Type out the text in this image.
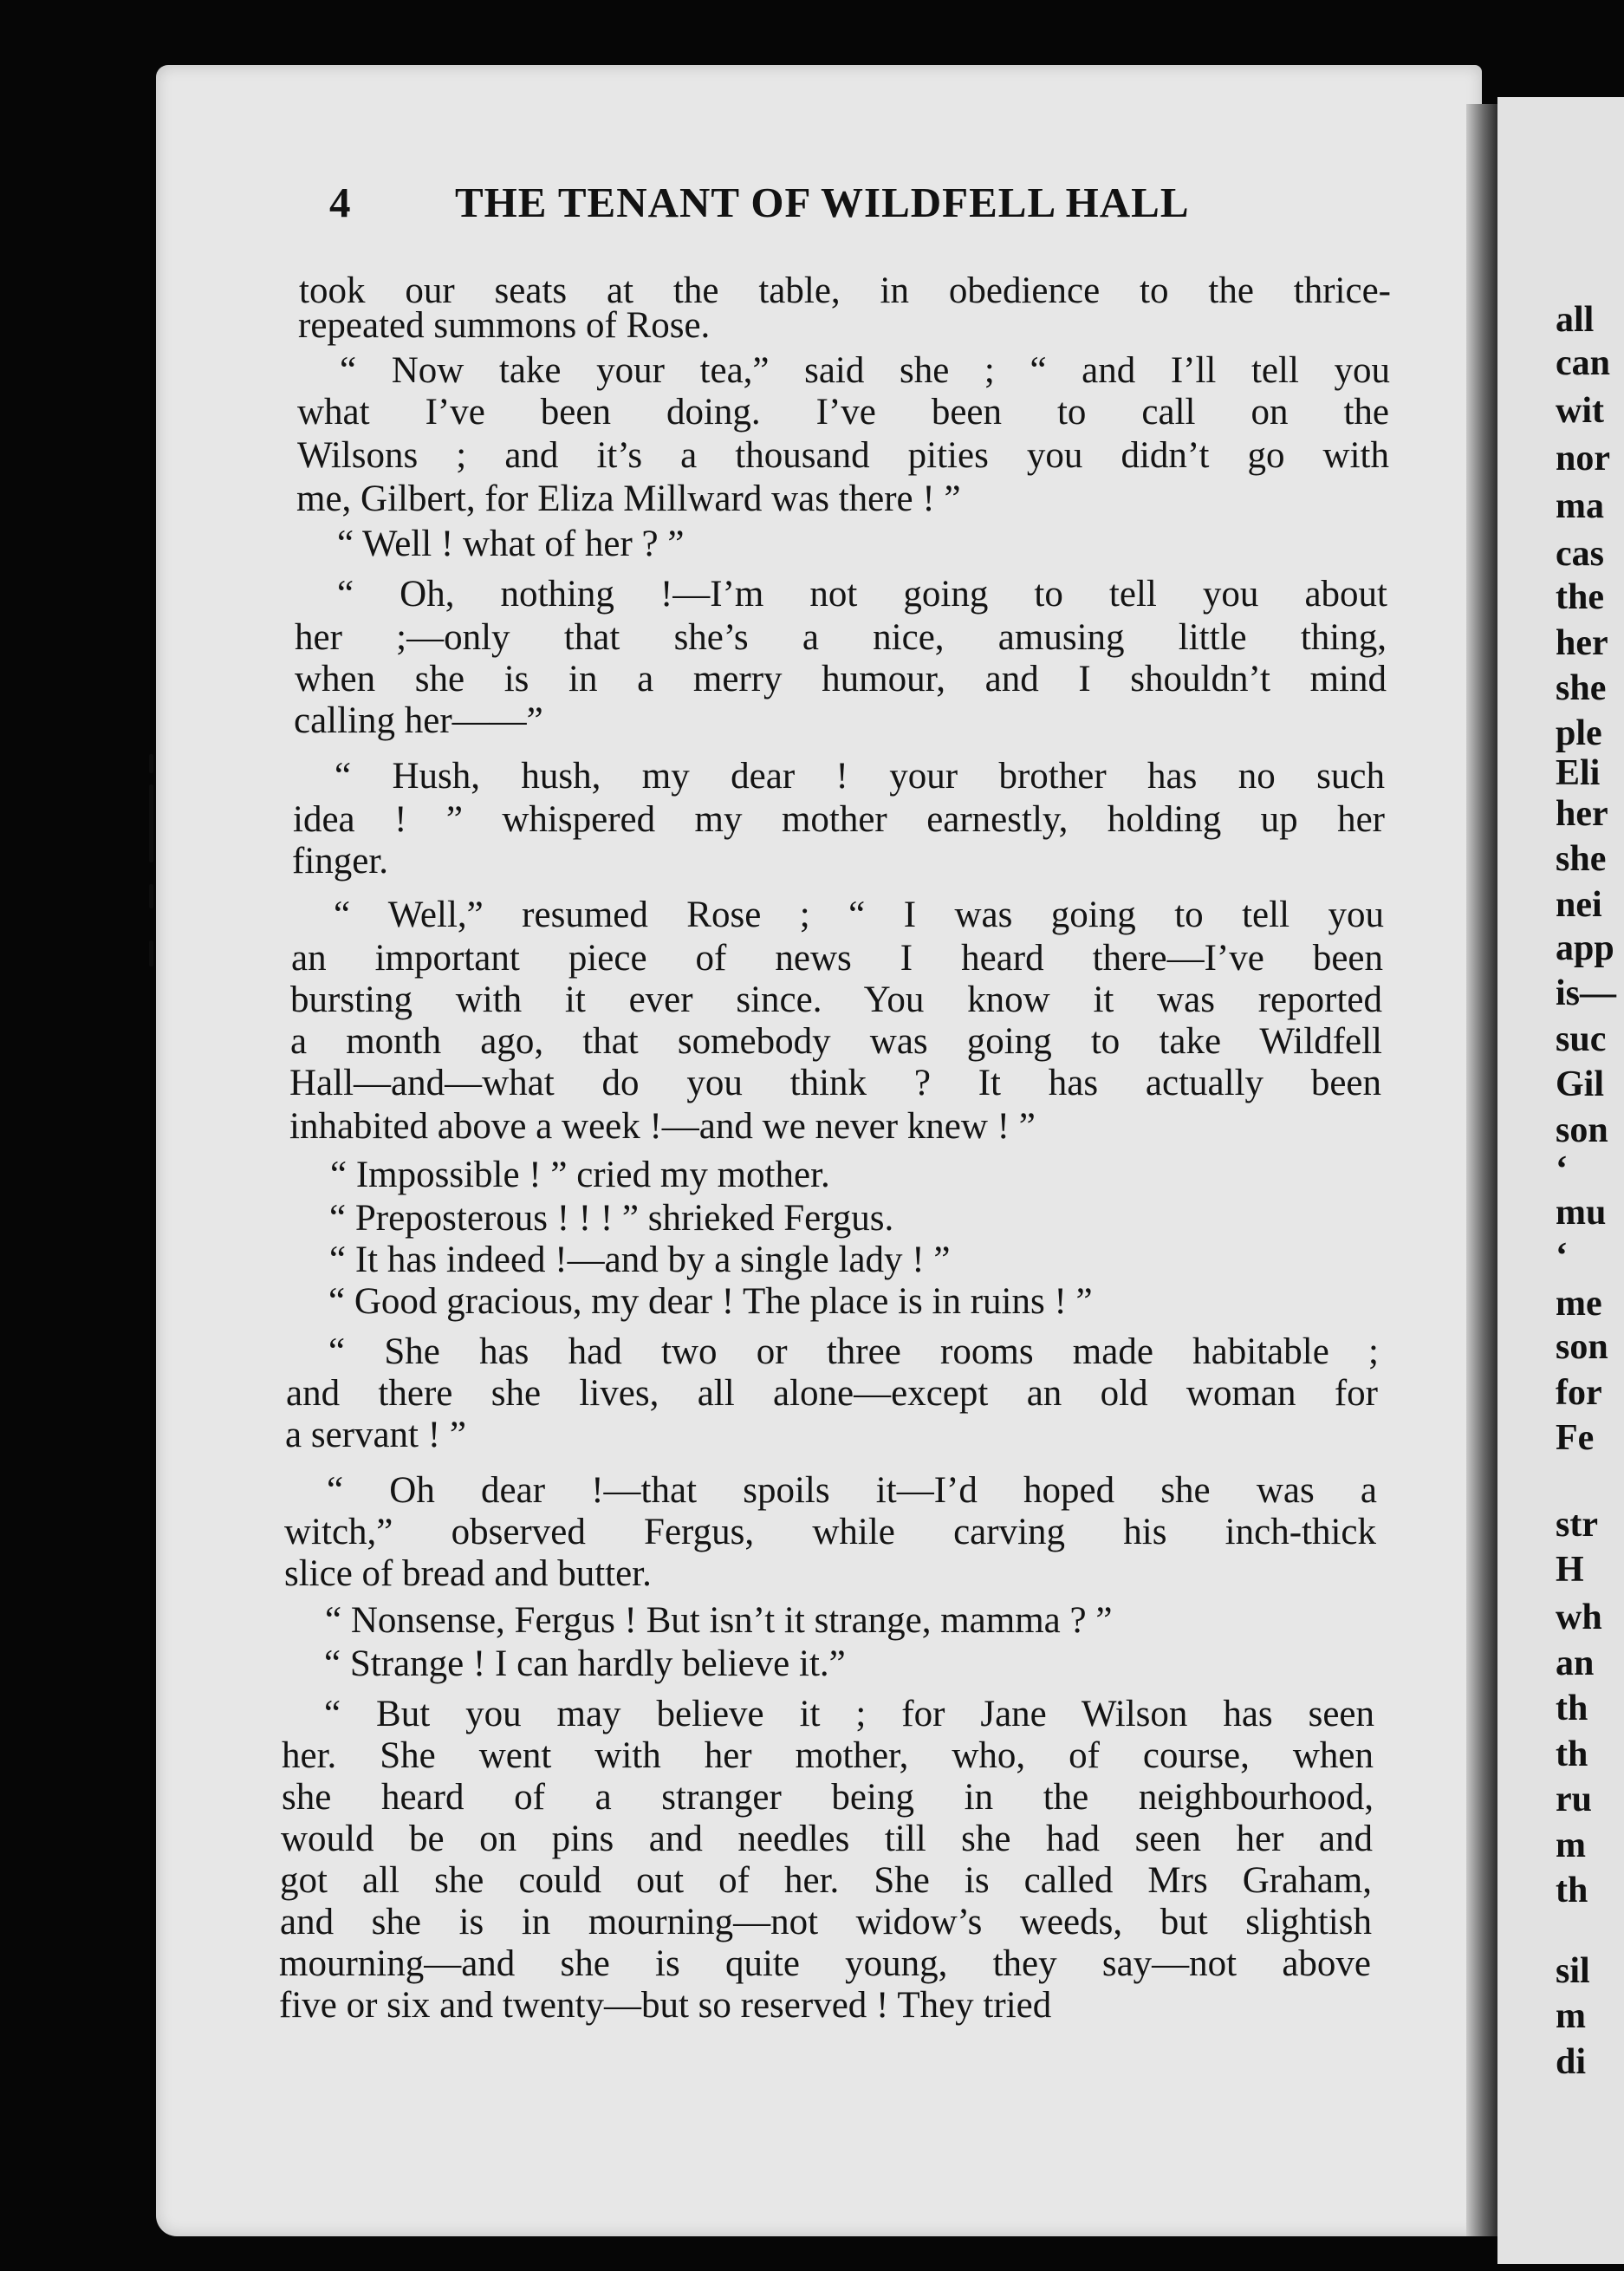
4 THE TENANT OF WILDFELL HALL
took our seats at the table, in obedience to the thrice-
repeated summons of Rose.
“ Now take your tea,” said she ; “ and I’ll tell you
what I’ve been doing. I’ve been to call on the
Wilsons ; and it’s a thousand pities you didn’t go with
me, Gilbert, for Eliza Millward was there ! ”
“ Well ! what of her ? ”
“ Oh, nothing !—I’m not going to tell you about
her ;—only that she’s a nice, amusing little thing,
when she is in a merry humour, and I shouldn’t mind
calling her——”
“ Hush, hush, my dear ! your brother has no such
idea ! ” whispered my mother earnestly, holding up her
finger.
“ Well,” resumed Rose ; “ I was going to tell you
an important piece of news I heard there—I’ve been
bursting with it ever since. You know it was reported
a month ago, that somebody was going to take Wildfell
Hall—and—what do you think ? It has actually been
inhabited above a week !—and we never knew ! ”
“ Impossible ! ” cried my mother.
“ Preposterous ! ! ! ” shrieked Fergus.
“ It has indeed !—and by a single lady ! ”
“ Good gracious, my dear ! The place is in ruins ! ”
“ She has had two or three rooms made habitable ;
and there she lives, all alone—except an old woman for
a servant ! ”
“ Oh dear !—that spoils it—I’d hoped she was a
witch,” observed Fergus, while carving his inch-thick
slice of bread and butter.
“ Nonsense, Fergus ! But isn’t it strange, mamma ? ”
“ Strange ! I can hardly believe it.”
“ But you may believe it ; for Jane Wilson has seen
her. She went with her mother, who, of course, when
she heard of a stranger being in the neighbourhood,
would be on pins and needles till she had seen her and
got all she could out of her. She is called Mrs Graham,
and she is in mourning—not widow’s weeds, but slightish
mourning—and she is quite young, they say—not above
five or six and twenty—but so reserved ! They tried
all
can
wit
nor
ma
cas
the
her
she
ple
Eli
her
she
nei
app
is—
suc
Gil
son
‘
mu
‘
me
son
for
Fe
str
H
wh
an
th
th
ru
m
th
sil
m
di
